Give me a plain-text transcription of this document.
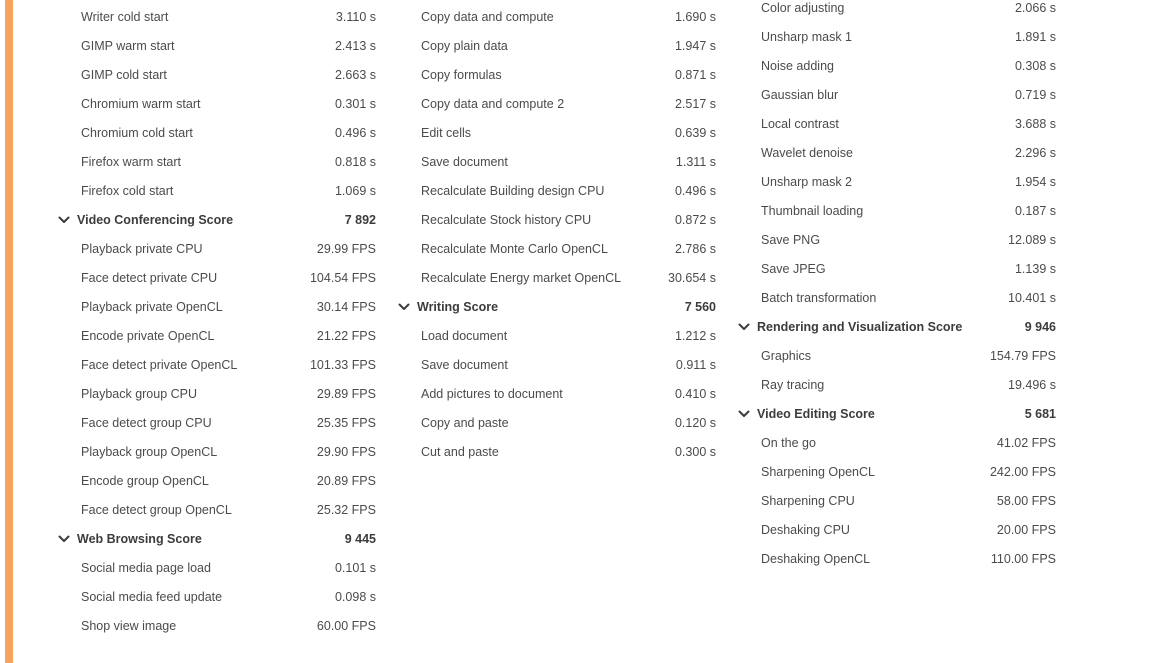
Writer cold start	3.110 s
GIMP warm start	2.413 s
GIMP cold start	2.663 s
Chromium warm start	0.301 s
Chromium cold start	0.496 s
Firefox warm start	0.818 s
Firefox cold start	1.069 s
Video Conferencing Score	7 892
Playback private CPU	29.99 FPS
Face detect private CPU	104.54 FPS
Playback private OpenCL	30.14 FPS
Encode private OpenCL	21.22 FPS
Face detect private OpenCL	101.33 FPS
Playback group CPU	29.89 FPS
Face detect group CPU	25.35 FPS
Playback group OpenCL	29.90 FPS
Encode group OpenCL	20.89 FPS
Face detect group OpenCL	25.32 FPS
Web Browsing Score	9 445
Social media page load	0.101 s
Social media feed update	0.098 s
Shop view image	60.00 FPS
Copy data and compute	1.690 s
Copy plain data	1.947 s
Copy formulas	0.871 s
Copy data and compute 2	2.517 s
Edit cells	0.639 s
Save document	1.311 s
Recalculate Building design CPU	0.496 s
Recalculate Stock history CPU	0.872 s
Recalculate Monte Carlo OpenCL	2.786 s
Recalculate Energy market OpenCL	30.654 s
Writing Score	7 560
Load document	1.212 s
Save document	0.911 s
Add pictures to document	0.410 s
Copy and paste	0.120 s
Cut and paste	0.300 s
Color adjusting	2.066 s
Unsharp mask 1	1.891 s
Noise adding	0.308 s
Gaussian blur	0.719 s
Local contrast	3.688 s
Wavelet denoise	2.296 s
Unsharp mask 2	1.954 s
Thumbnail loading	0.187 s
Save PNG	12.089 s
Save JPEG	1.139 s
Batch transformation	10.401 s
Rendering and Visualization Score	9 946
Graphics	154.79 FPS
Ray tracing	19.496 s
Video Editing Score	5 681
On the go	41.02 FPS
Sharpening OpenCL	242.00 FPS
Sharpening CPU	58.00 FPS
Deshaking CPU	20.00 FPS
Deshaking OpenCL	110.00 FPS
